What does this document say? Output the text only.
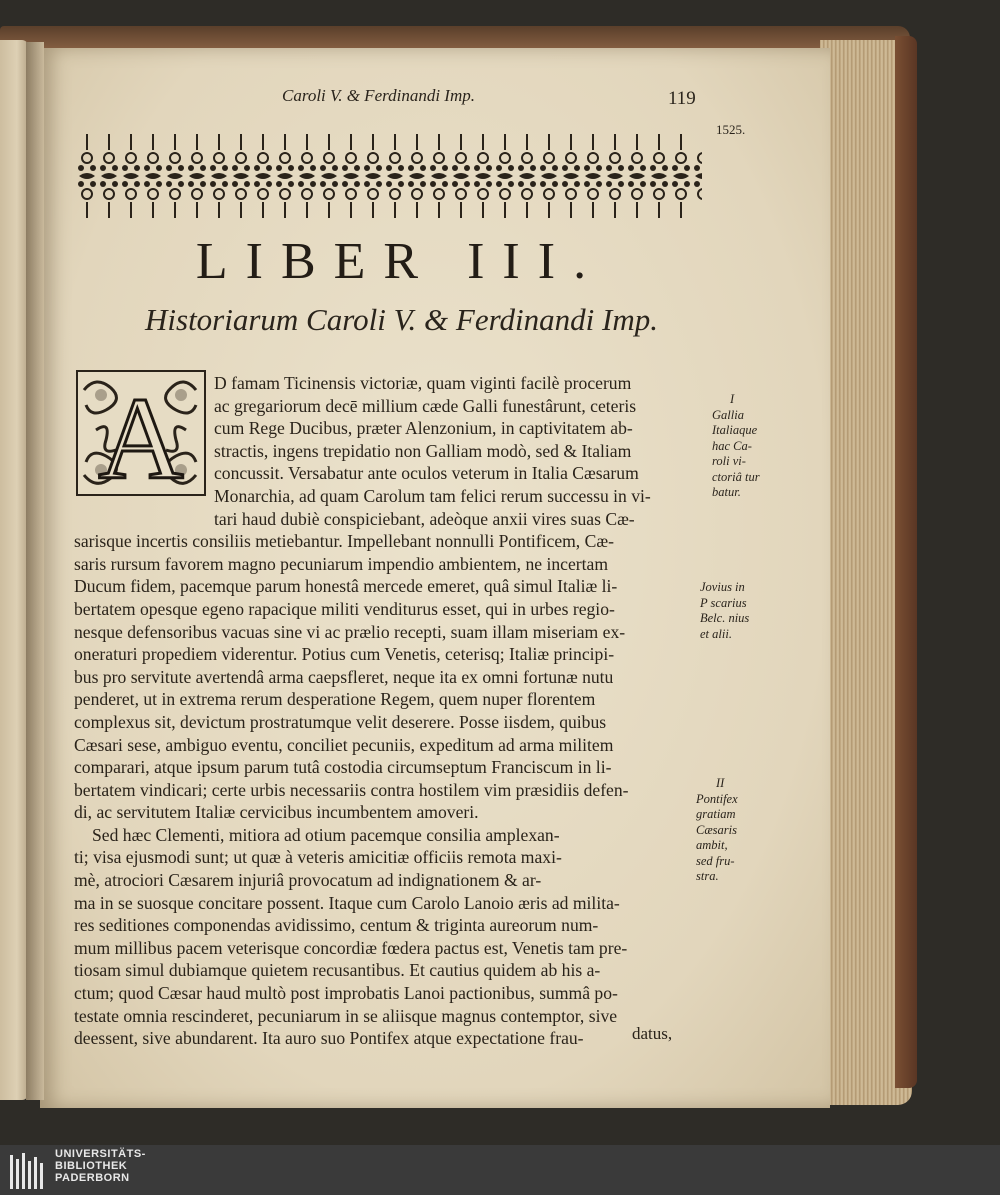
Caroli V. & Ferdinandi Imp.	119
1525.
LIBER III.
Historiarum Caroli V. & Ferdinandi Imp.
A	D famam Ticinensis victoriæ, quam viginti facilè procerum
ac gregariorum decē millium cæde Galli funestârunt, ceteris
cum Rege Ducibus, præter Alenzonium, in captivitatem ab-
stractis, ingens trepidatio non Galliam modò, sed & Italiam
concussit. Versabatur ante oculos veterum in Italia Cæsarum
Monarchia, ad quam Carolum tam felici rerum successu in vi-
tari haud dubiè conspiciebant, adeòque anxii vires suas Cæ-
sarisque incertis consiliis metiebantur. Impellebant nonnulli Pontificem, Cæ-
saris rursum favorem magno pecuniarum impendio ambientem, ne incertam
Ducum fidem, pacemque parum honestâ mercede emeret, quâ simul Italiæ li-
bertatem opesque egeno rapacique militi venditurus esset, qui in urbes regio-
nesque defensoribus vacuas sine vi ac prælio recepti, suam illam miseriam ex-
oneraturi propediem viderentur. Potius cum Venetis, ceterisq; Italiæ principi-
bus pro servitute avertendâ arma caepsfleret, neque ita ex omni fortunæ nutu
penderet, ut in extrema rerum desperatione Regem, quem nuper florentem
complexus sit, devictum prostratumque velit deserere. Posse iisdem, quibus
Cæsari sese, ambiguo eventu, conciliet pecuniis, expeditum ad arma militem
comparari, atque ipsum parum tutâ costodia circumseptum Franciscum in li-
bertatem vindicari; certe urbis necessariis contra hostilem vim præsidiis defen-
di, ac servitutem Italiæ cervicibus incumbentem amoveri.
Sed hæc Clementi, mitiora ad otium pacemque consilia amplexan-
ti; visa ejusmodi sunt; ut quæ à veteris amicitiæ officiis remota maxi-
mè, atrociori Cæsarem injuriâ provocatum ad indignationem & ar-
ma in se suosque concitare possent. Itaque cum Carolo Lanoio æris ad milita-
res seditiones componendas avidissimo, centum & triginta aureorum num-
mum millibus pacem veterisque concordiæ fœdera pactus est, Venetis tam pre-
tiosam simul dubiamque quietem recusantibus. Et cautius quidem ab his a-
ctum; quod Cæsar haud multò post improbatis Lanoi pactionibus, summâ po-
testate omnia rescinderet, pecuniarum in se aliisque magnus contemptor, sive
deessent, sive abundarent. Ita auro suo Pontifex atque expectatione frau-	datus,
I
Gallia
Italiaque
hac Ca-
roli vi-
ctoriâ tur
batur.
Jovius in
P scarius
Belc. nius
et alii.
II
Pontifex
gratiam
Cæsaris
ambit,
sed fru-
stra.
UNIVERSITÄTS-
BIBLIOTHEK
PADERBORN
